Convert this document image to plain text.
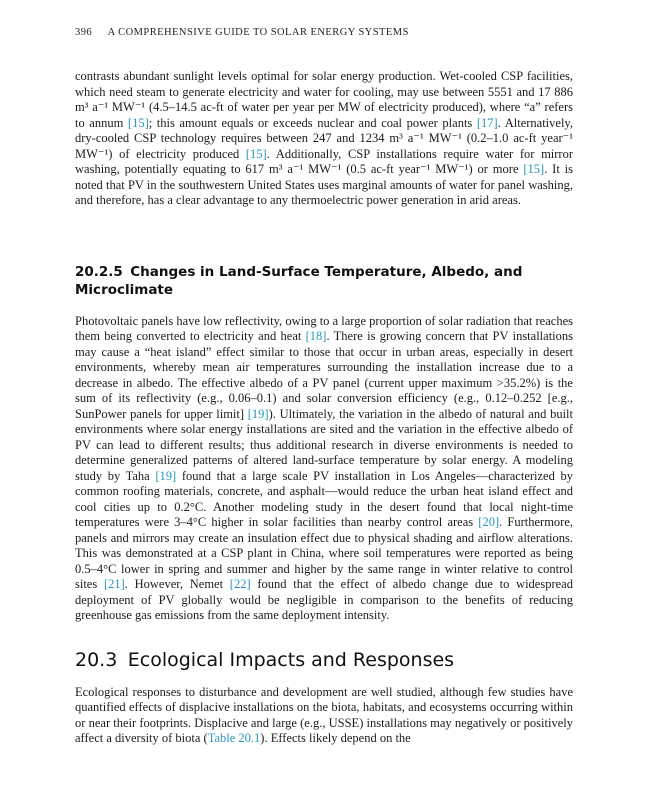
396 A COMPREHENSIVE GUIDE TO SOLAR ENERGY SYSTEMS

contrasts abundant sunlight levels optimal for solar energy production. Wet-cooled CSP facilities, which need steam to generate electricity and water for cooling, may use between 5551 and 17 886 m³ a⁻¹ MW⁻¹ (4.5–14.5 ac-ft of water per year per MW of electricity produced), where “a” refers to annum [15]; this amount equals or exceeds nuclear and coal power plants [17]. Alternatively, dry-cooled CSP technology requires between 247 and 1234 m³ a⁻¹ MW⁻¹ (0.2–1.0 ac-ft year⁻¹ MW⁻¹) of electricity produced [15]. Additionally, CSP installations require water for mirror washing, potentially equating to 617 m³ a⁻¹ MW⁻¹ (0.5 ac-ft year⁻¹ MW⁻¹) or more [15]. It is noted that PV in the southwestern United States uses marginal amounts of water for panel washing, and therefore, has a clear advantage to any thermoelectric power generation in arid areas.

20.2.5 Changes in Land-Surface Temperature, Albedo, and Microclimate

Photovoltaic panels have low reflectivity, owing to a large proportion of solar radiation that reaches them being converted to electricity and heat [18]. There is growing concern that PV installations may cause a “heat island” effect similar to those that occur in urban areas, especially in desert environments, whereby mean air temperatures surrounding the installation increase due to a decrease in albedo. The effective albedo of a PV panel (current upper maximum >35.2%) is the sum of its reflectivity (e.g., 0.06–0.1) and solar conversion efficiency (e.g., 0.12–0.252 [e.g., SunPower panels for upper limit] [19]). Ultimately, the variation in the albedo of natural and built environments where solar energy installations are sited and the variation in the effective albedo of PV can lead to different results; thus additional research in diverse environments is needed to determine generalized patterns of altered land-surface temperature by solar energy. A modeling study by Taha [19] found that a large scale PV installation in Los Angeles—characterized by common roofing materials, concrete, and asphalt—would reduce the urban heat island effect and cool cities up to 0.2°C. Another modeling study in the desert found that local night-time temperatures were 3–4°C higher in solar facilities than nearby control areas [20]. Furthermore, panels and mirrors may create an insulation effect due to physical shading and airflow alterations. This was demonstrated at a CSP plant in China, where soil temperatures were reported as being 0.5–4°C lower in spring and summer and higher by the same range in winter relative to control sites [21]. However, Nemet [22] found that the effect of albedo change due to widespread deployment of PV globally would be negligible in comparison to the benefits of reducing greenhouse gas emissions from the same deployment intensity.

20.3 Ecological Impacts and Responses

Ecological responses to disturbance and development are well studied, although few studies have quantified effects of displacive installations on the biota, habitats, and ecosystems occurring within or near their footprints. Displacive and large (e.g., USSE) installations may negatively or positively affect a diversity of biota (Table 20.1). Effects likely depend on the
